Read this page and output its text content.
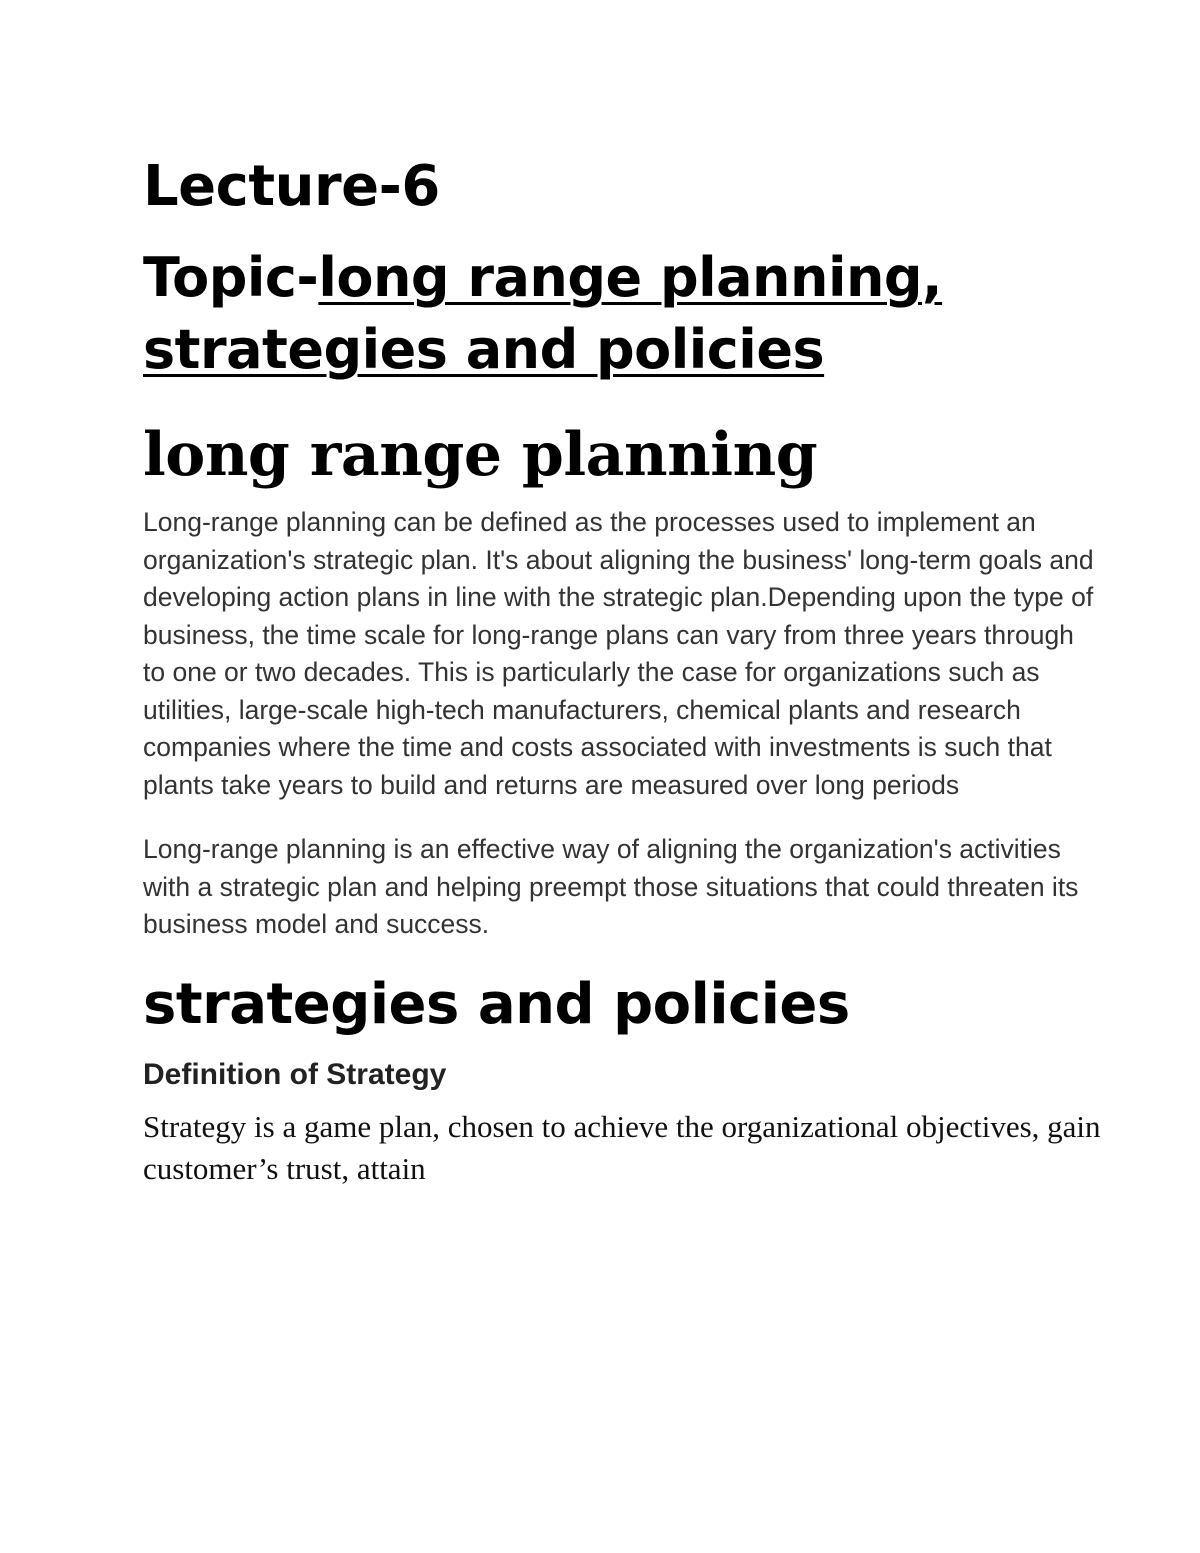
Lecture-6
Topic-long range planning, strategies and policies
long range planning

Long-range planning can be defined as the processes used to implement an organization's strategic plan. It's about aligning the business' long-term goals and developing action plans in line with the strategic plan.Depending upon the type of business, the time scale for long-range plans can vary from three years through to one or two decades. This is particularly the case for organizations such as utilities, large-scale high-tech manufacturers, chemical plants and research companies where the time and costs associated with investments is such that plants take years to build and returns are measured over long periods

Long-range planning is an effective way of aligning the organization's activities with a strategic plan and helping preempt those situations that could threaten its business model and success.

strategies and policies
Definition of Strategy

Strategy is a game plan, chosen to achieve the organizational objectives, gain customer’s trust, attain
